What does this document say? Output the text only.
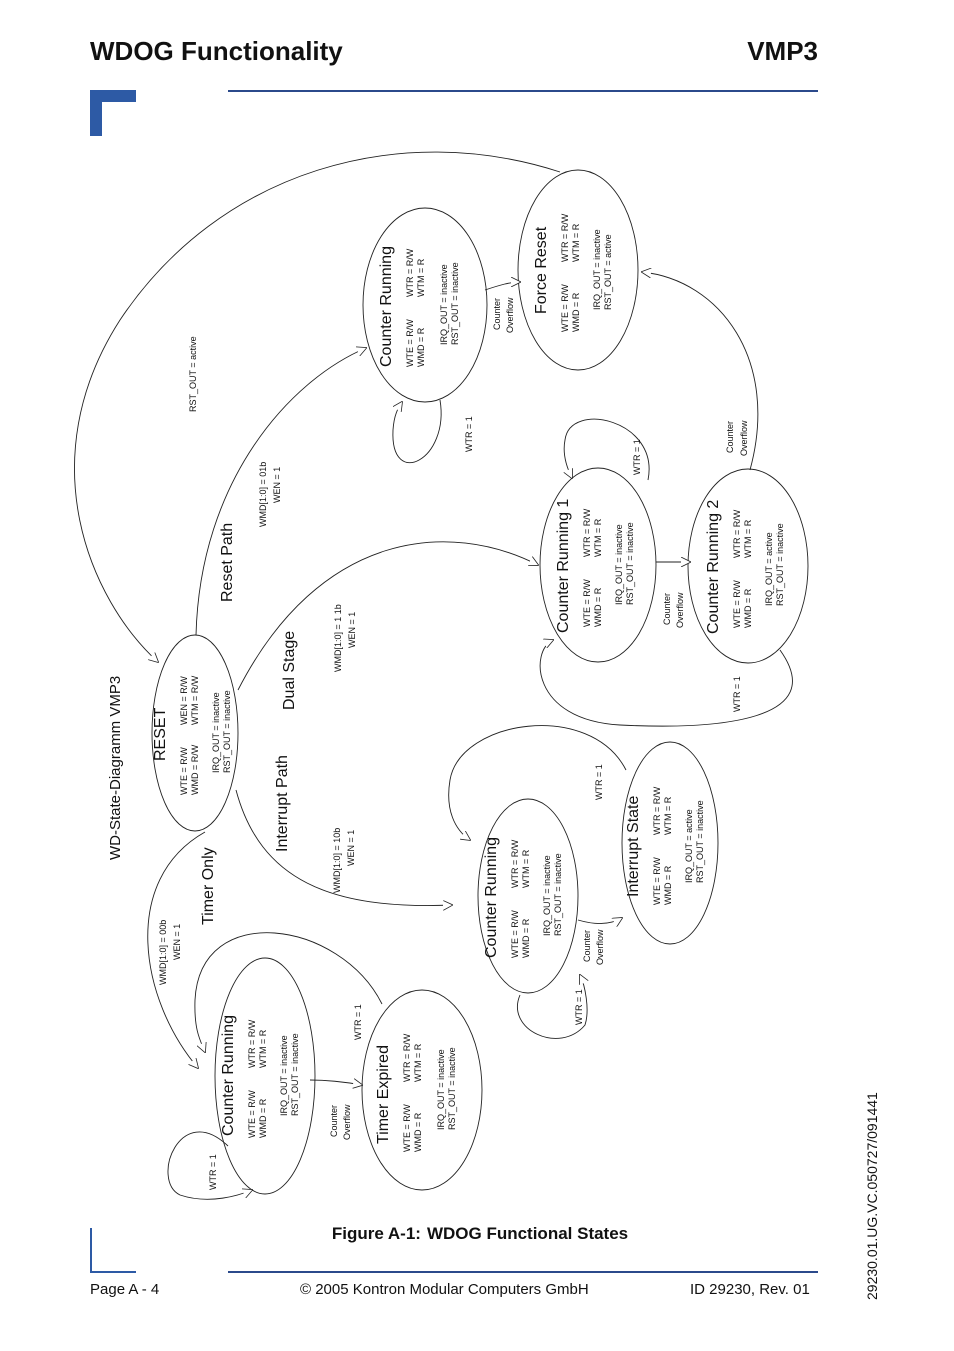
WDOG Functionality	VMP3
WD-State-Diagramm VMP3 RESET
WTE = R/W WMD = R/W
WEN = R/W WTM = R/W IRQ_OUT = inactive RST_OUT = inactive
Counter Running WTE = R/W WMD = R
WTR = R/W WTM = R IRQ_OUT = inactive RST_OUT = inactive	Timer Expired WTE = R/W WMD = R
WTR = R/W WTM = R IRQ_OUT = inactive RST_OUT = inactive
Counter Running WTE = R/W WMD = R
WTR = R/W WTM = R IRQ_OUT = inactive RST_OUT = inactive	Interrupt State WTE = R/W WMD = R
WTR = R/W WTM = R IRQ_OUT = active RST_OUT = inactive
Counter Running 1 WTE = R/W WMD = R
WTR = R/W WTM = R IRQ_OUT = inactive RST_OUT = inactive	Counter Running 2 WTE = R/W WMD = R
WTR = R/W WTM = R IRQ_OUT = active RST_OUT = inactive
Counter Running WTE = R/W WMD = R
WTR = R/W WTM = R IRQ_OUT = inactive RST_OUT = inactive	Force Reset WTE = R/W WMD = R
WTR = R/W WTM = R IRQ_OUT = inactive RST_OUT = active
Timer Only
Interrupt Path
Dual Stage
Reset Path
WMD[1:0] = 00b WEN = 1
WTR = 1
Counter Overflow
WTR = 1
WMD[1:0] = 10b WEN = 1
WTR = 1
Counter Overflow
WTR = 1
WMD[1:0] = 1 1b WEN = 1
Counter Overflow
WTR = 1
WTR = 1
Counter Overflow
WMD[1:0] = 01b WEN = 1
WTR = 1
Counter Overflow
RST_OUT = active
Figure A-1: WDOG Functional States
Page A - 4	© 2005 Kontron Modular Computers GmbH	ID 29230, Rev. 01	29230.01.UG.VC.050727/091441
